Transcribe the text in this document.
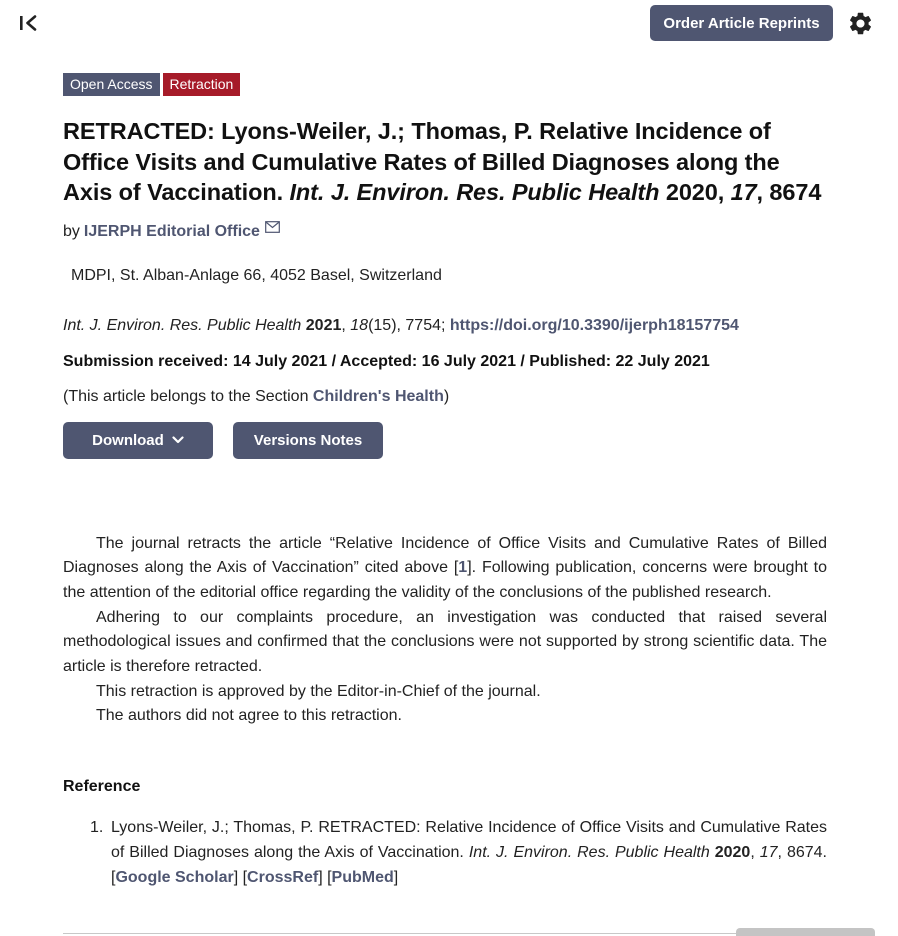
Order Article Reprints
Open Access	Retraction
RETRACTED: Lyons-Weiler, J.; Thomas, P. Relative Incidence of Office Visits and Cumulative Rates of Billed Diagnoses along the Axis of Vaccination. Int. J. Environ. Res. Public Health 2020, 17, 8674
by IJERPH Editorial Office
MDPI, St. Alban-Anlage 66, 4052 Basel, Switzerland
Int. J. Environ. Res. Public Health 2021, 18(15), 7754; https://doi.org/10.3390/ijerph18157754
Submission received: 14 July 2021 / Accepted: 16 July 2021 / Published: 22 July 2021
(This article belongs to the Section Children's Health)
Download	Versions Notes

The journal retracts the article “Relative Incidence of Office Visits and Cumulative Rates of Billed Diagnoses along the Axis of Vaccination” cited above [1]. Following publication, concerns were brought to the attention of the editorial office regarding the validity of the conclusions of the published research.

Adhering to our complaints procedure, an investigation was conducted that raised several methodological issues and confirmed that the conclusions were not supported by strong scientific data. The article is therefore retracted.

This retraction is approved by the Editor-in-Chief of the journal.

The authors did not agree to this retraction.

Reference
1. Lyons-Weiler, J.; Thomas, P. RETRACTED: Relative Incidence of Office Visits and Cumulative Rates of Billed Diagnoses along the Axis of Vaccination. Int. J. Environ. Res. Public Health 2020, 17, 8674. [Google Scholar] [CrossRef] [PubMed]
